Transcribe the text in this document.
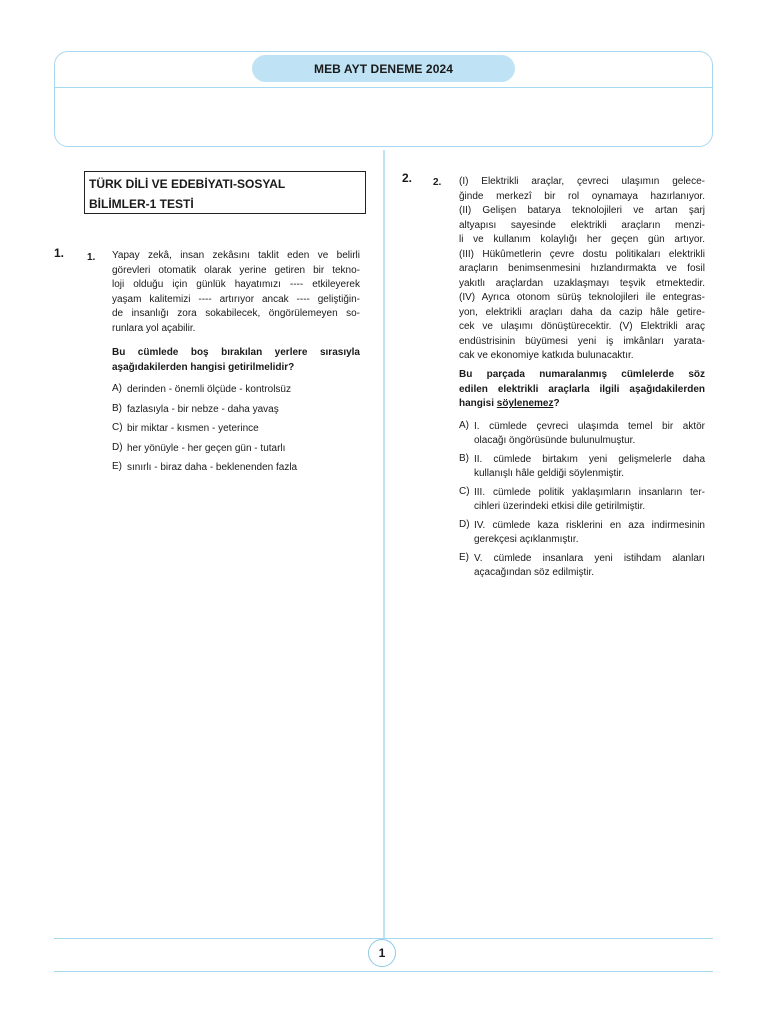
MEB AYT DENEME 2024
TÜRK DİLİ VE EDEBİYATI-SOSYAL
BİLİMLER-1 TESTİ
1. 1. Yapay zekâ, insan zekâsını taklit eden ve belirli
görevleri otomatik olarak yerine getiren bir tekno-
loji olduğu için günlük hayatımızı ---- etkileyerek
yaşam kalitemizi ---- artırıyor ancak ---- geliştiğin-
de insanlığı zora sokabilecek, öngörülemeyen so-
runlara yol açabilir.
Bu cümlede boş bırakılan yerlere sırasıyla
aşağıdakilerden hangisi getirilmelidir?
A) derinden - önemli ölçüde - kontrolsüz
B) fazlasıyla - bir nebze - daha yavaş
C) bir miktar - kısmen - yeterince
D) her yönüyle - her geçen gün - tutarlı
E) sınırlı - biraz daha - beklenenden fazla
2. 2. (I) Elektrikli araçlar, çevreci ulaşımın gelece-
ğinde merkezî bir rol oynamaya hazırlanıyor.
(II) Gelişen batarya teknolojileri ve artan şarj
altyapısı sayesinde elektrikli araçların menzi-
li ve kullanım kolaylığı her geçen gün artıyor.
(III) Hükûmetlerin çevre dostu politikaları elektrikli
araçların benimsenmesini hızlandırmakta ve fosil
yakıtlı araçlardan uzaklaşmayı teşvik etmektedir.
(IV) Ayrıca otonom sürüş teknolojileri ile entegras-
yon, elektrikli araçları daha da cazip hâle getire-
cek ve ulaşımı dönüştürecektir. (V) Elektrikli araç
endüstrisinin büyümesi yeni iş imkânları yarata-
cak ve ekonomiye katkıda bulunacaktır.
Bu parçada numaralanmış cümlelerde söz
edilen elektrikli araçlarla ilgili aşağıdakilerden
hangisi söylenemez?
A) I. cümlede çevreci ulaşımda temel bir aktör
olacağı öngörüsünde bulunulmuştur.
B) II. cümlede birtakım yeni gelişmelerle daha
kullanışlı hâle geldiği söylenmiştir.
C) III. cümlede politik yaklaşımların insanların ter-
cihleri üzerindeki etkisi dile getirilmiştir.
D) IV. cümlede kaza risklerini en aza indirmesinin
gerekçesi açıklanmıştır.
E) V. cümlede insanlara yeni istihdam alanları
açacağından söz edilmiştir.
1
